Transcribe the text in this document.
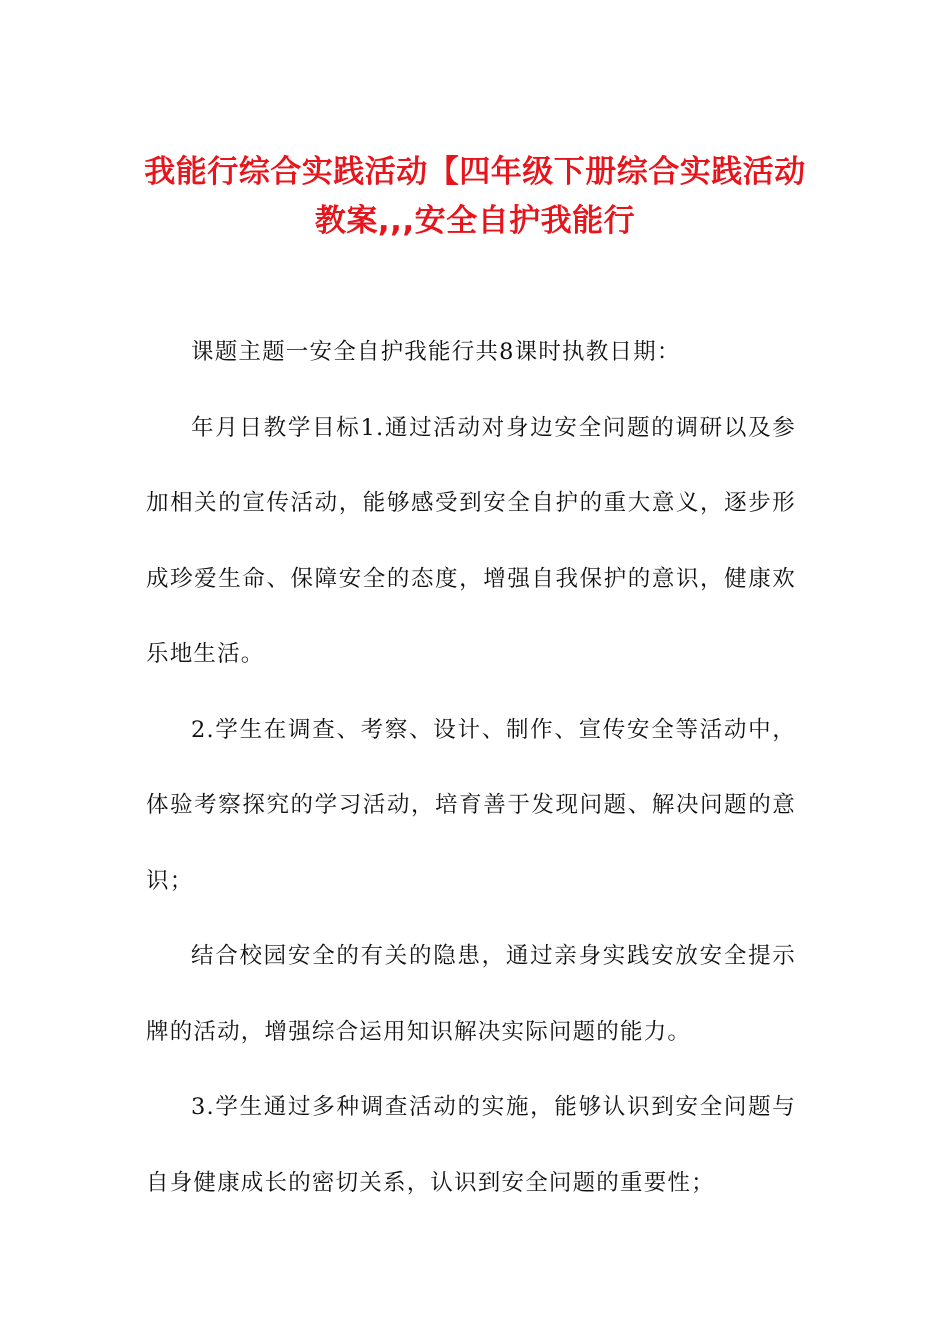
我能行综合实践活动【四年级下册综合实践活动教案,,,安全自护我能行

课题主题一安全自护我能行共8课时执教日期：

年月日教学目标1.通过活动对身边安全问题的调研以及参加相关的宣传活动，能够感受到安全自护的重大意义，逐步形成珍爱生命、保障安全的态度，增强自我保护的意识，健康欢乐地生活。

2.学生在调查、考察、设计、制作、宣传安全等活动中，体验考察探究的学习活动，培育善于发现问题、解决问题的意识；

结合校园安全的有关的隐患，通过亲身实践安放安全提示牌的活动，增强综合运用知识解决实际问题的能力。

3.学生通过多种调查活动的实施，能够认识到安全问题与自身健康成长的密切关系，认识到安全问题的重要性；
